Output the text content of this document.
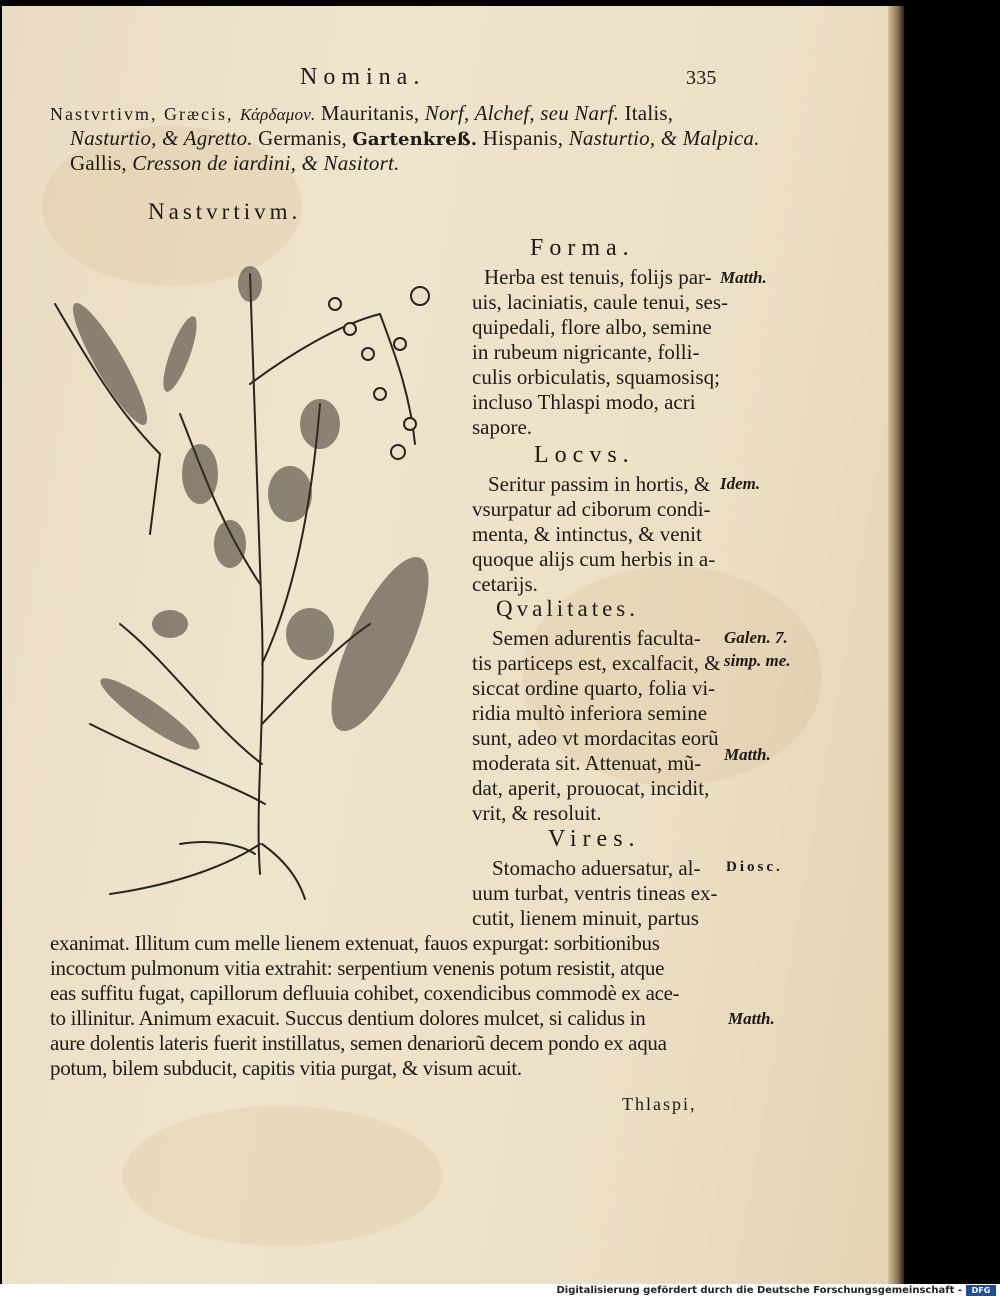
Nomina.	335
Nastvrtivm, Græcis, Κάρδαμον. Mauritanis, Norf, Alchef, seu Narf. Italis,
Nasturtio, & Agretto. Germanis, Gartenkreß. Hispanis, Nasturtio, & Malpica.
Gallis, Cresson de iardini, & Nasitort.
Nastvrtivm.
Forma.
Herba est tenuis, folijs par-
uis, laciniatis, caule tenui, ses-
quipedali, flore albo, semine
in rubeum nigricante, folli-
culis orbiculatis, squamosisq;
incluso Thlaspi modo, acri
sapore.
Matth.
Locvs.
Seritur passim in hortis, &
vsurpatur ad ciborum condi-
menta, & intinctus, & venit
quoque alijs cum herbis in a-
cetarijs.
Idem.
Qvalitates.
Semen adurentis faculta-
tis particeps est, excalfacit, &
siccat ordine quarto, folia vi-
ridia multò inferiora semine
sunt, adeo vt mordacitas eorũ
moderata sit. Attenuat, mũ-
dat, aperit, prouocat, incidit,
vrit, & resoluit.
Galen. 7.
simp. me.
Matth.
Vires.
Stomacho aduersatur, al-
uum turbat, ventris tineas ex-
cutit, lienem minuit, partus
exanimat. Illitum cum melle lienem extenuat, fauos expurgat: sorbitionibus
incoctum pulmonum vitia extrahit: serpentium venenis potum resistit, atque
eas suffitu fugat, capillorum defluuia cohibet, coxendicibus commodè ex ace-
to illinitur. Animum exacuit. Succus dentium dolores mulcet, si calidus in
aure dolentis lateris fuerit instillatus, semen denariorũ decem pondo ex aqua
potum, bilem subducit, capitis vitia purgat, & visum acuit.
Diosc.
Matth.
Thlaspi,
Digitalisierung gefördert durch die Deutsche Forschungsgemeinschaft -	DFG
